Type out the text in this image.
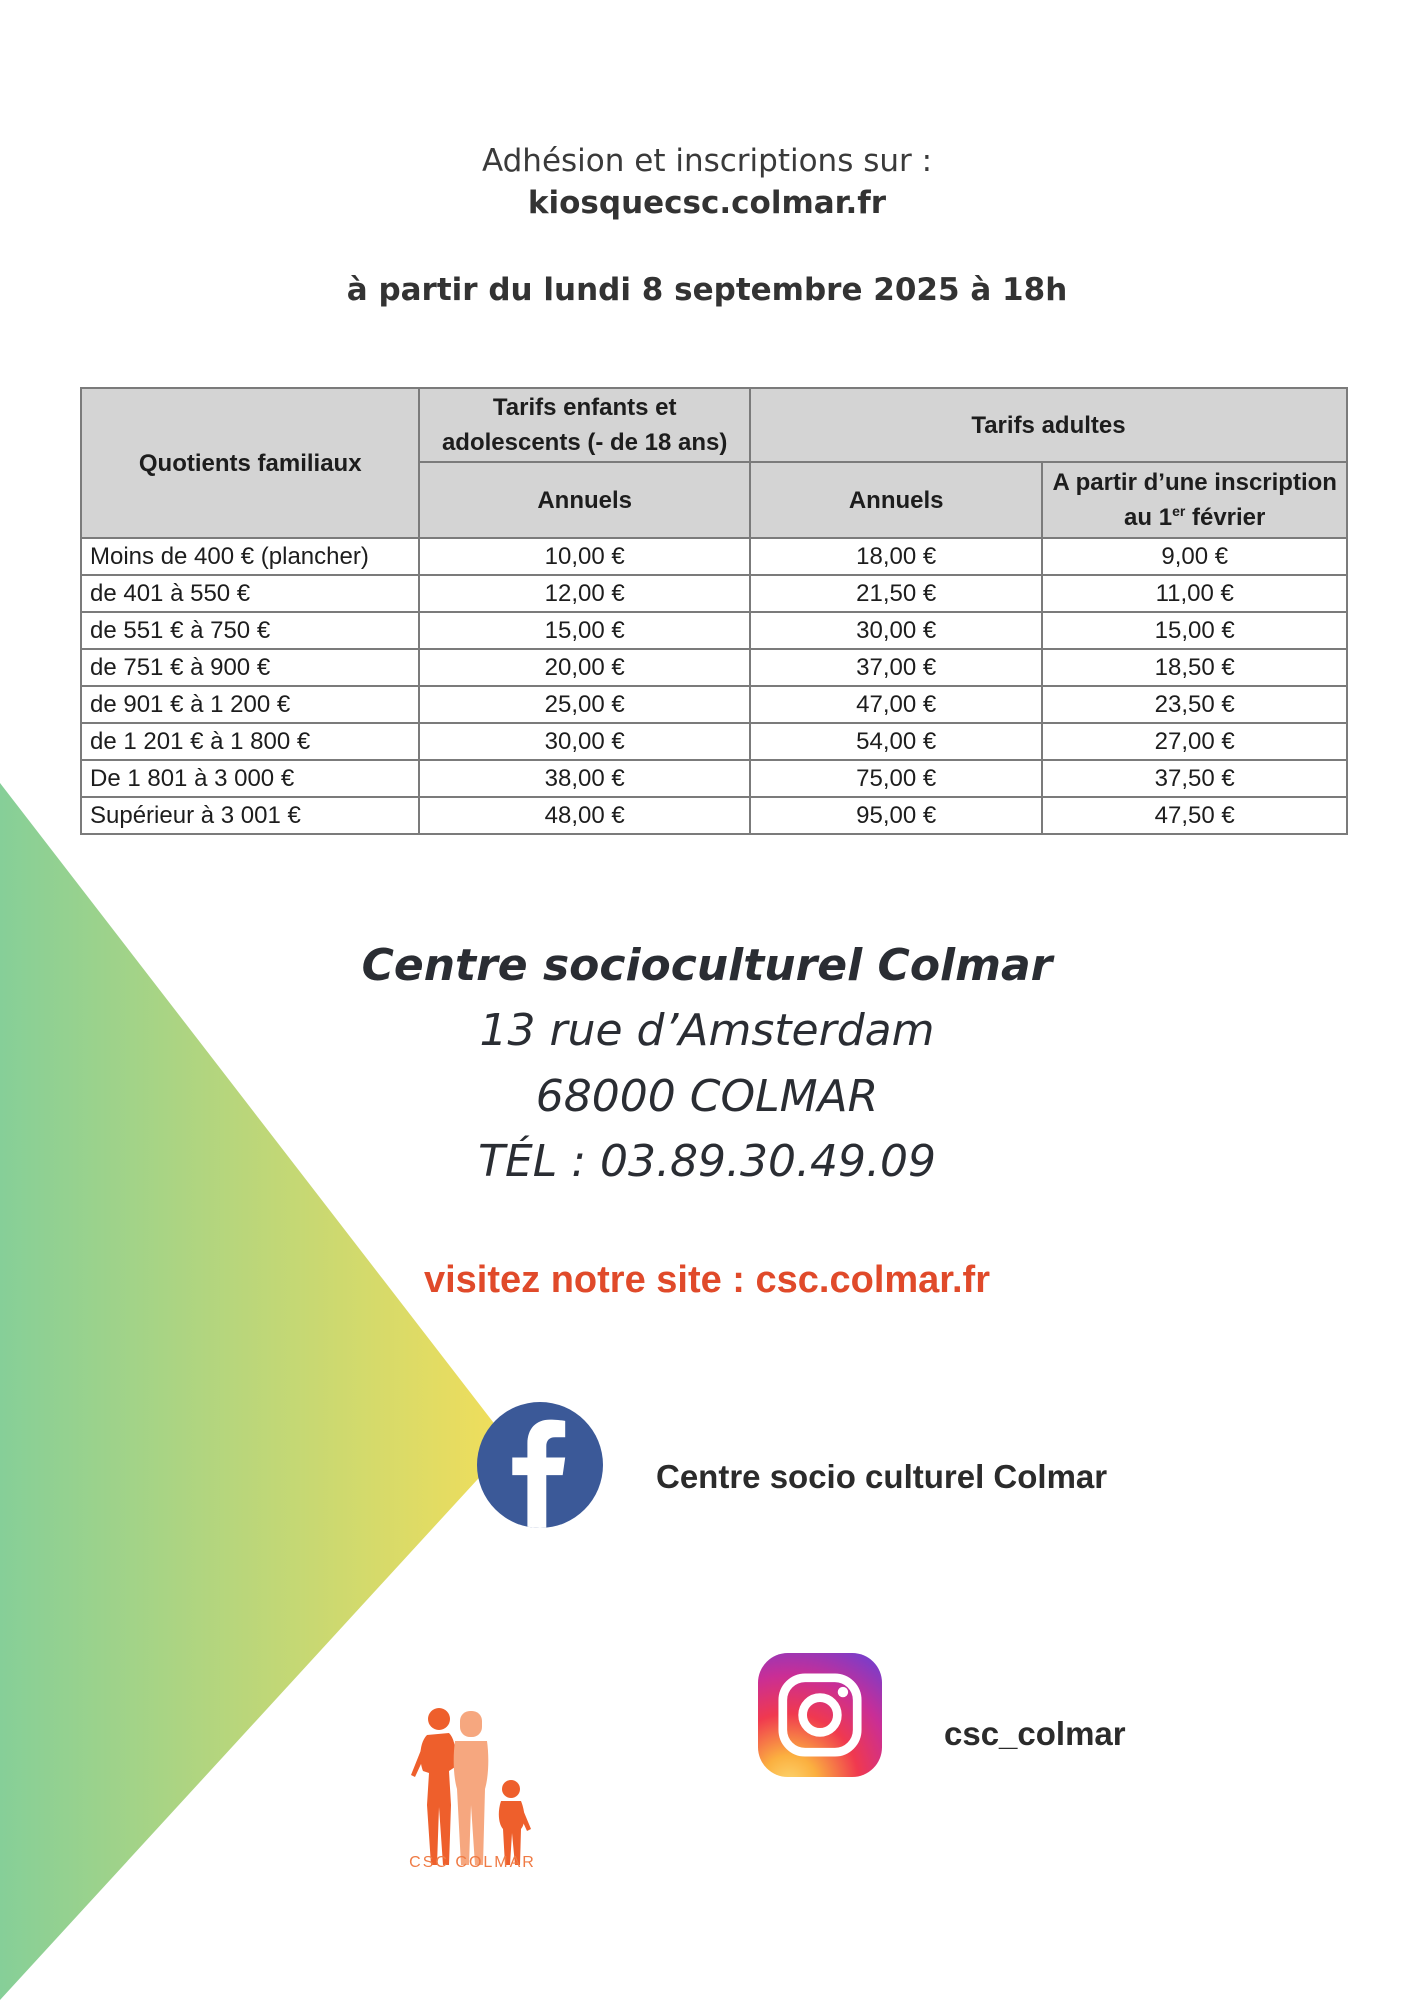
Adhésion et inscriptions sur :
kiosquecsc.colmar.fr
à partir du lundi 8 septembre 2025 à 18h
Quotients familiaux	Tarifs enfants et adolescents (- de 18 ans)	Tarifs adultes	
	Annuels	Annuels	A partir d’une inscription au 1er février
Moins de 400 € (plancher)	10,00 €	18,00 €	9,00 €
de 401 à 550 €	12,00 €	21,50 €	11,00 €
de 551 € à 750 €	15,00 €	30,00 €	15,00 €
de 751 € à 900 €	20,00 €	37,00 €	18,50 €
de 901 € à 1 200 €	25,00 €	47,00 €	23,50 €
de 1 201 € à 1 800 €	30,00 €	54,00 €	27,00 €
De 1 801 à 3 000 €	38,00 €	75,00 €	37,50 €
Supérieur à 3 001 €	48,00 €	95,00 €	47,50 €
Centre socioculturel Colmar
13 rue d’Amsterdam
68000 COLMAR
TÉL : 03.89.30.49.09
visitez notre site : csc.colmar.fr
Centre socio culturel Colmar
csc_colmar
CSC COLMAR
